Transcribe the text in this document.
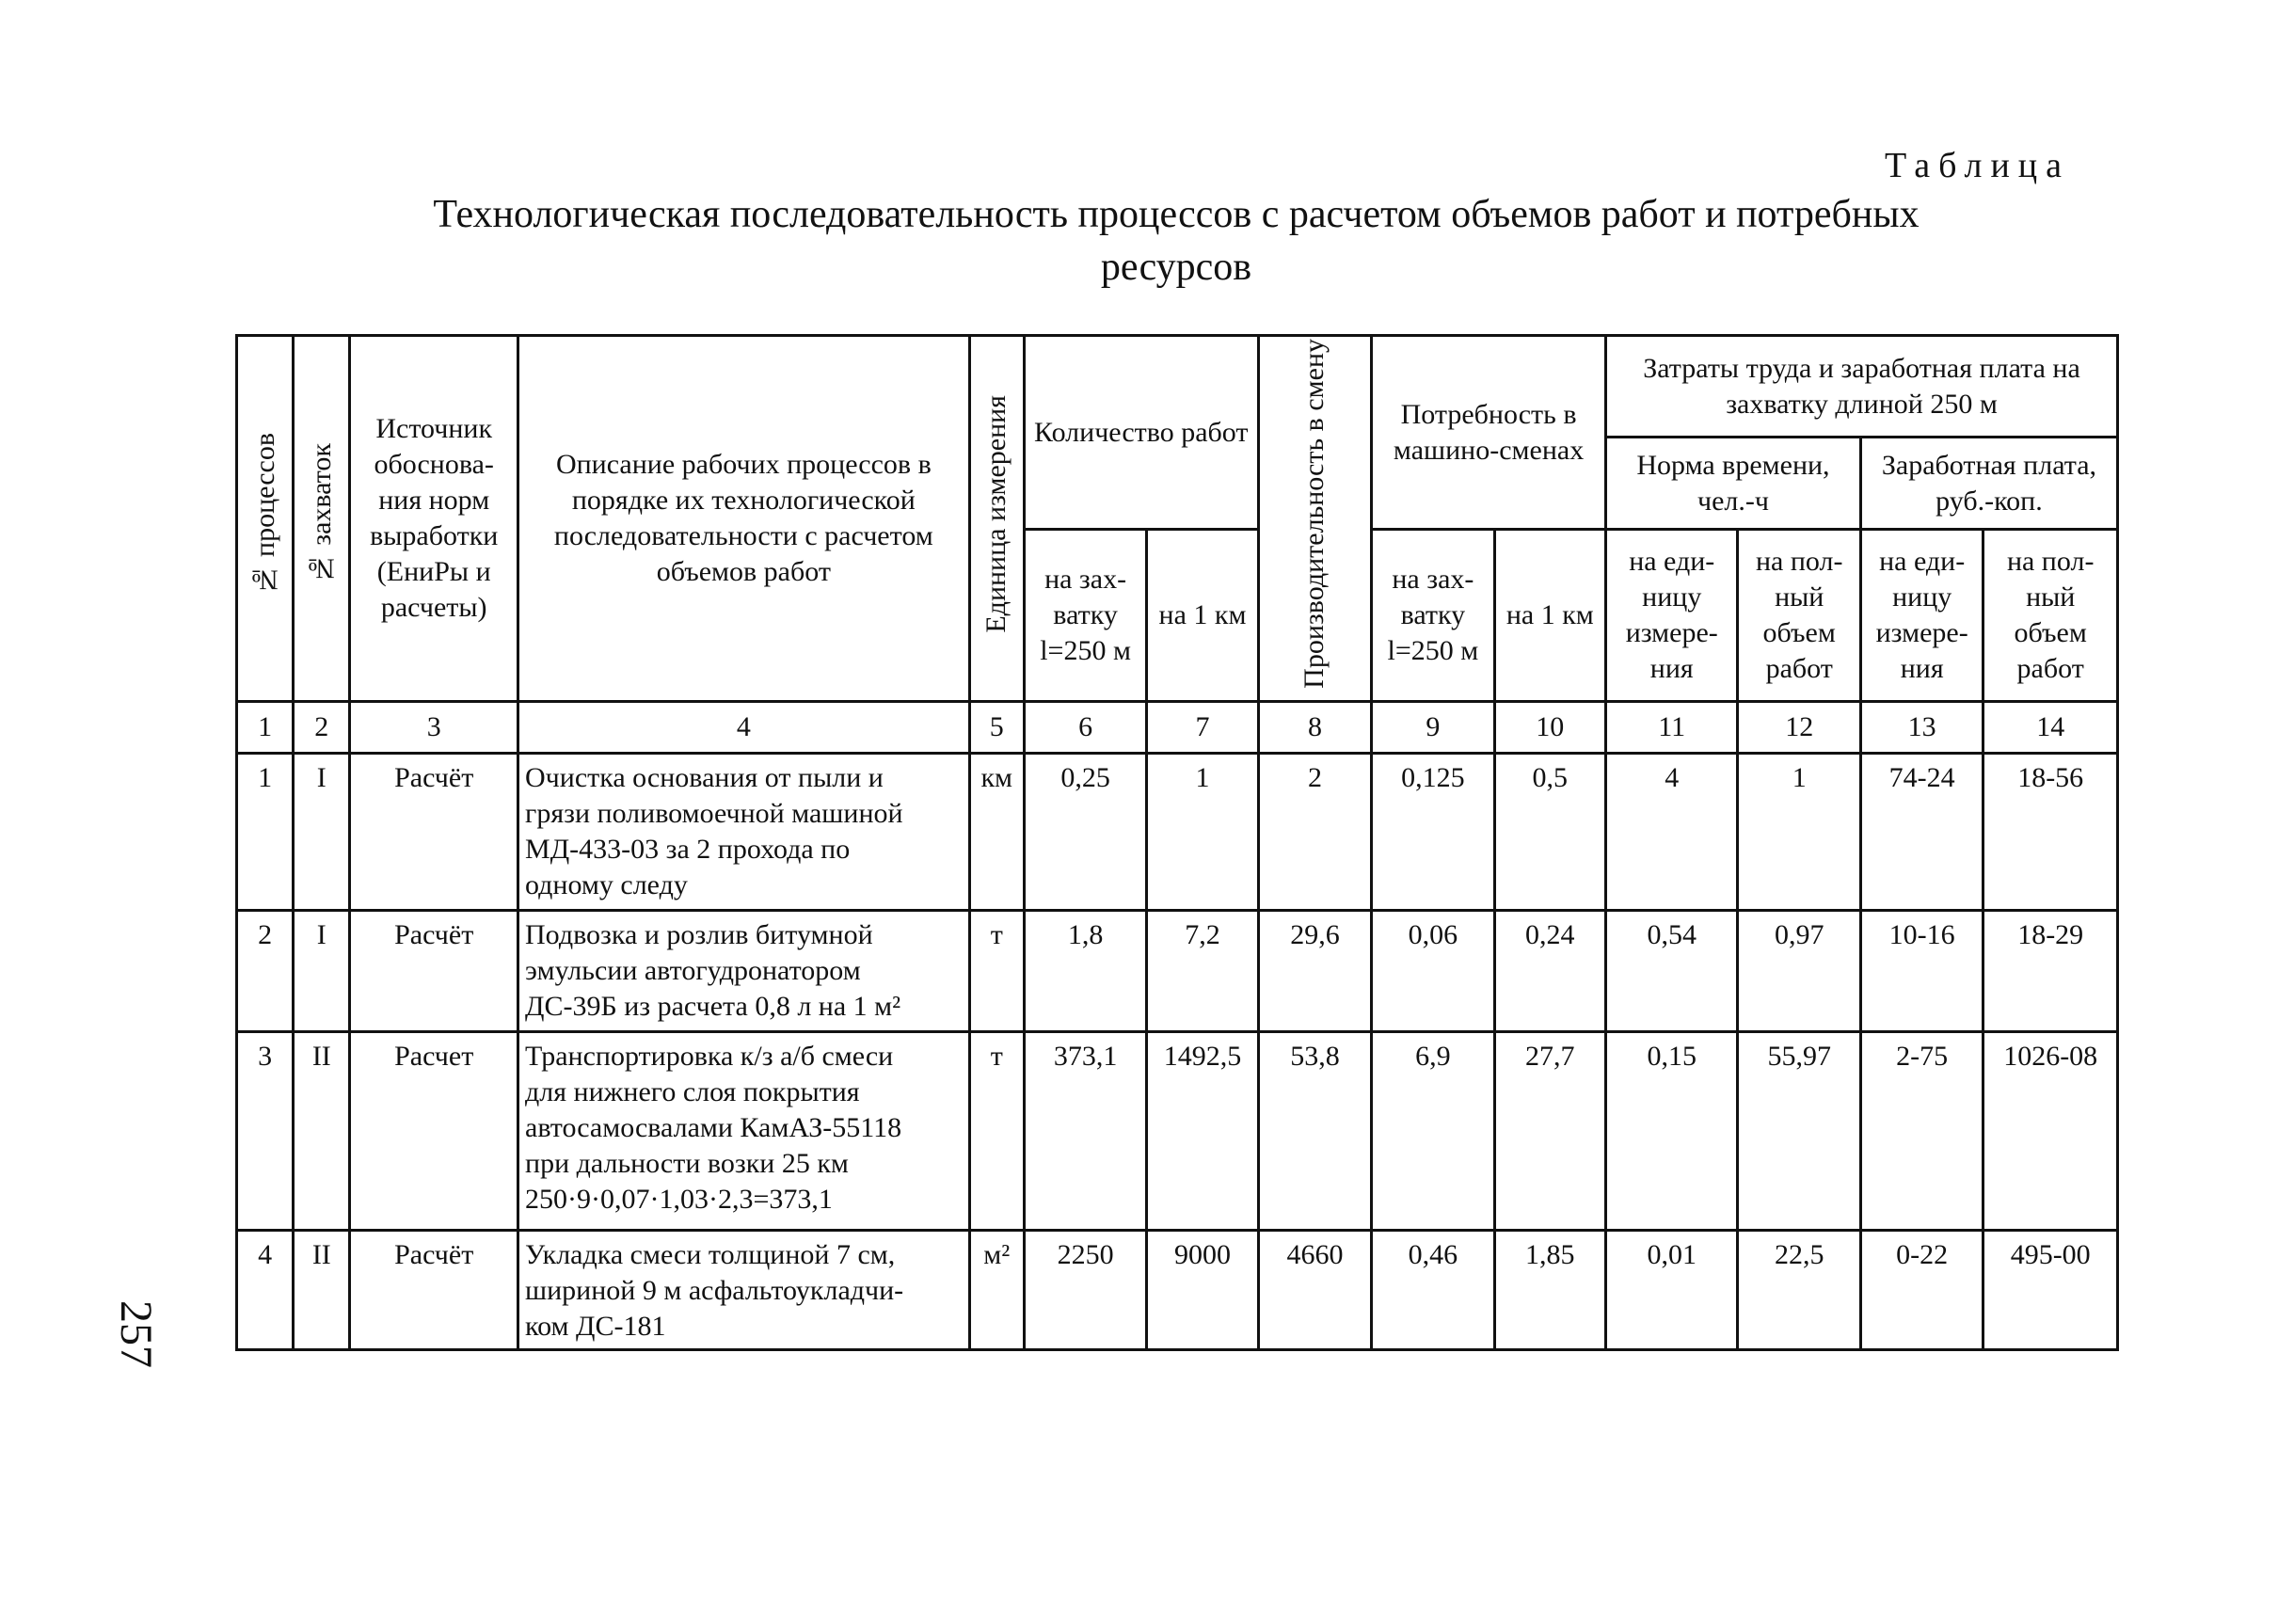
Таблица
Технологическая последовательность процессов с расчетом объемов работ и потребных
ресурсов
№ процессов	№ захваток	Источник обоснова-ния норм выработки (ЕниРы и расчеты)	Описание рабочих процессов в порядке их технологической последовательности с расчетом объемов работ	Единица измерения	Количество работ		Производительность в смену	Потребность в машино-сменах		Затраты труда и заработная плата на захватку длиной 250 м			
										Норма времени, чел.-ч		Заработная плата, руб.-коп.	
					на зах-ватку l=250 м	на 1 км		на зах-ватку l=250 м	на 1 км	на еди-ницу измере-ния	на пол-ный объем работ	на еди-ницу измере-ния	на пол-ный объем работ
1	2	3	4	5	6	7	8	9	10	11	12	13	14
1	I	Расчёт	Очистка основания от пыли и
грязи поливомоечной машиной
МД-433-03 за 2 прохода по
одному следу	км	0,25	1	2	0,125	0,5	4	1	74-24	18-56
2	I	Расчёт	Подвозка и розлив битумной
эмульсии автогудронатором
ДС-39Б из расчета 0,8 л на 1 м²	т	1,8	7,2	29,6	0,06	0,24	0,54	0,97	10-16	18-29
3	II	Расчет	Транспортировка к/з а/б смеси
для нижнего слоя покрытия
автосамосвалами КамАЗ-55118
при дальности возки 25 км
250·9·0,07·1,03·2,3=373,1	т	373,1	1492,5	53,8	6,9	27,7	0,15	55,97	2-75	1026-08
4	II	Расчёт	Укладка смеси толщиной 7 см,
шириной 9 м асфальтоукладчи-
ком ДС-181	м²	2250	9000	4660	0,46	1,85	0,01	22,5	0-22	495-00
257
